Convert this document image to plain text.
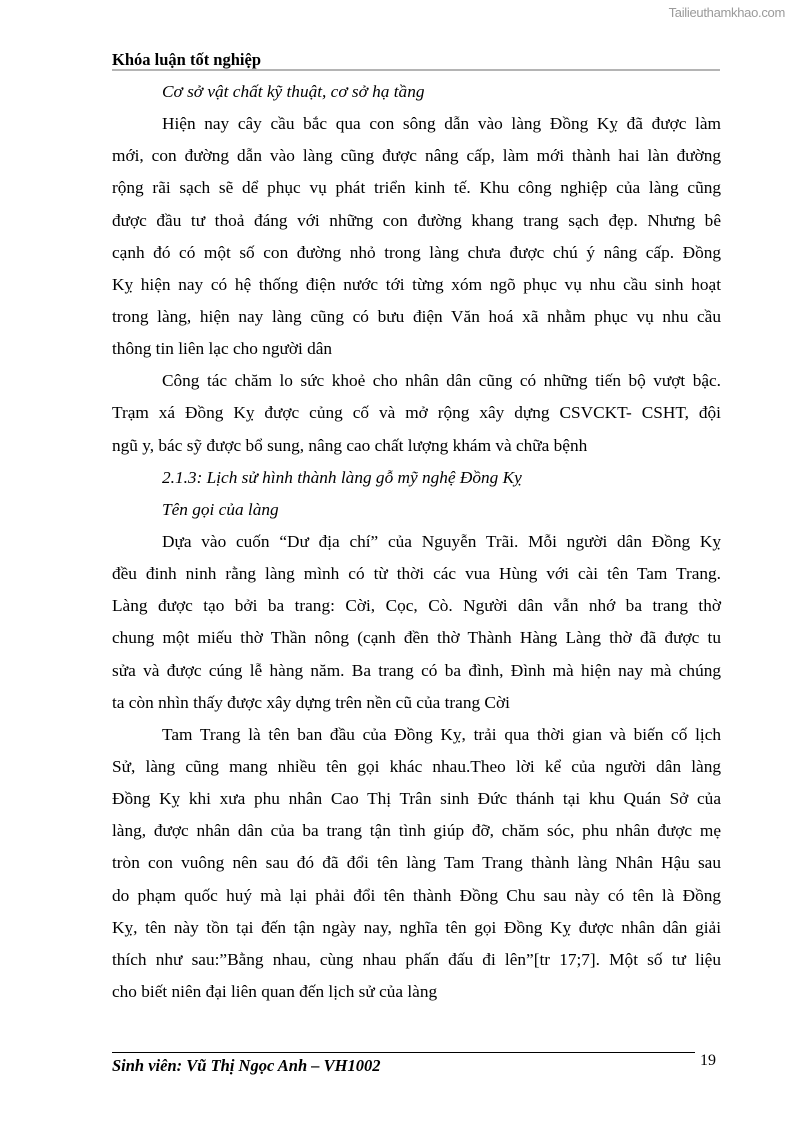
Tailieuthamkhao.com
Khóa luận tốt nghiệp
Cơ sở vật chất kỹ thuật, cơ sở hạ tầng
Hiện nay cây cầu bắc qua con sông dẫn vào làng Đồng Kỵ đã được làm
mới, con đường dẫn vào làng cũng được nâng cấp, làm mới thành hai làn đường
rộng rãi sạch sẽ dể phục vụ phát triển kinh tế. Khu công nghiệp của làng cũng
được đầu tư thoả đáng với những con đường khang trang sạch đẹp. Nhưng bê
cạnh đó có một số con đường nhỏ trong làng chưa được chú ý nâng cấp. Đồng
Kỵ hiện nay có hệ thống điện nước tới từng xóm ngõ phục vụ nhu cầu sinh hoạt
trong làng, hiện nay làng cũng có bưu điện Văn hoá xã nhằm phục vụ nhu cầu
thông tin liên lạc cho người dân
Công tác chăm lo sức khoẻ cho nhân dân cũng có những tiến bộ vượt bậc.
Trạm xá Đồng Kỵ được củng cố và mở rộng xây dựng CSVCKT- CSHT, đội
ngũ y, bác sỹ được bổ sung, nâng cao chất lượng khám và chữa bệnh
2.1.3: Lịch sử hình thành làng gỗ mỹ nghệ Đồng Kỵ
Tên gọi của làng
Dựa vào cuốn “Dư địa chí” của Nguyễn Trãi. Mỗi người dân Đồng Kỵ
đều đinh ninh rằng làng mình có từ thời các vua Hùng với cài tên Tam Trang.
Làng được tạo bởi ba trang: Cời, Cọc, Cò. Người dân vẫn nhớ ba trang thờ
chung một miếu thờ Thần nông (cạnh đền thờ Thành Hàng Làng thờ đã được tu
sửa và được cúng lễ hàng năm. Ba trang có ba đình, Đình mà hiện nay mà chúng
ta còn nhìn thấy được xây dựng trên nền cũ của trang Cời
Tam Trang là tên ban đầu của Đồng Kỵ, trải qua thời gian và biến cố lịch
Sử, làng cũng mang nhiều tên gọi khác nhau.Theo lời kể của người dân làng
Đồng Kỵ khi xưa phu nhân Cao Thị Trân sinh Đức thánh tại khu Quán Sở của
làng, được nhân dân của ba trang tận tình giúp đỡ, chăm sóc, phu nhân được mẹ
tròn con vuông nên sau đó đã đổi tên làng Tam Trang thành làng Nhân Hậu sau
do phạm quốc huý mà lại phải đổi tên thành Đồng Chu sau này có tên là Đồng
Kỵ, tên này tồn tại đến tận ngày nay, nghĩa tên gọi Đồng Kỵ được nhân dân giải
thích như sau:”Bằng nhau, cùng nhau phấn đấu đi lên”[tr 17;7]. Một số tư liệu
cho biết niên đại liên quan đến lịch sử của làng
Sinh viên: Vũ Thị Ngọc Anh – VH1002	19
